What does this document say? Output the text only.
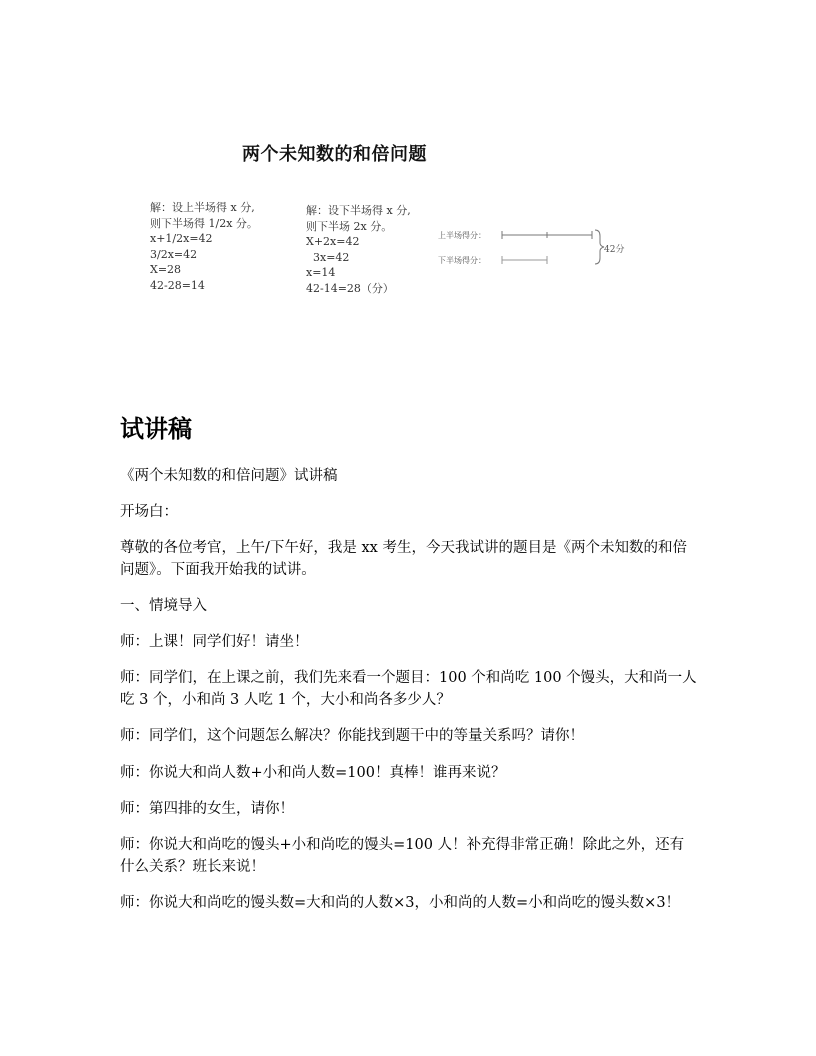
两个未知数的和倍问题
解：设上半场得 x 分,
则下半场得 1/2x 分。
x+1/2x=42
3/2x=42
X=28
42-28=14
解：设下半场得 x 分,
则下半场 2x 分。
X+2x=42
3x=42
x=14
42-14=28（分）
上半场得分：
下半场得分：
42分
试讲稿
《两个未知数的和倍问题》试讲稿
开场白：
尊敬的各位考官，上午/下午好，我是 xx 考生，今天我试讲的题目是《两个未知数的和倍问题》。下面我开始我的试讲。
一、情境导入
师：上课！同学们好！请坐！
师：同学们，在上课之前，我们先来看一个题目：100 个和尚吃 100 个馒头，大和尚一人吃 3 个，小和尚 3 人吃 1 个，大小和尚各多少人？
师：同学们，这个问题怎么解决？你能找到题干中的等量关系吗？请你！
师：你说大和尚人数+小和尚人数=100！真棒！谁再来说？
师：第四排的女生，请你！
师：你说大和尚吃的馒头+小和尚吃的馒头=100 人！补充得非常正确！除此之外，还有什么关系？班长来说！
师：你说大和尚吃的馒头数=大和尚的人数×3，小和尚的人数=小和尚吃的馒头数×3！
